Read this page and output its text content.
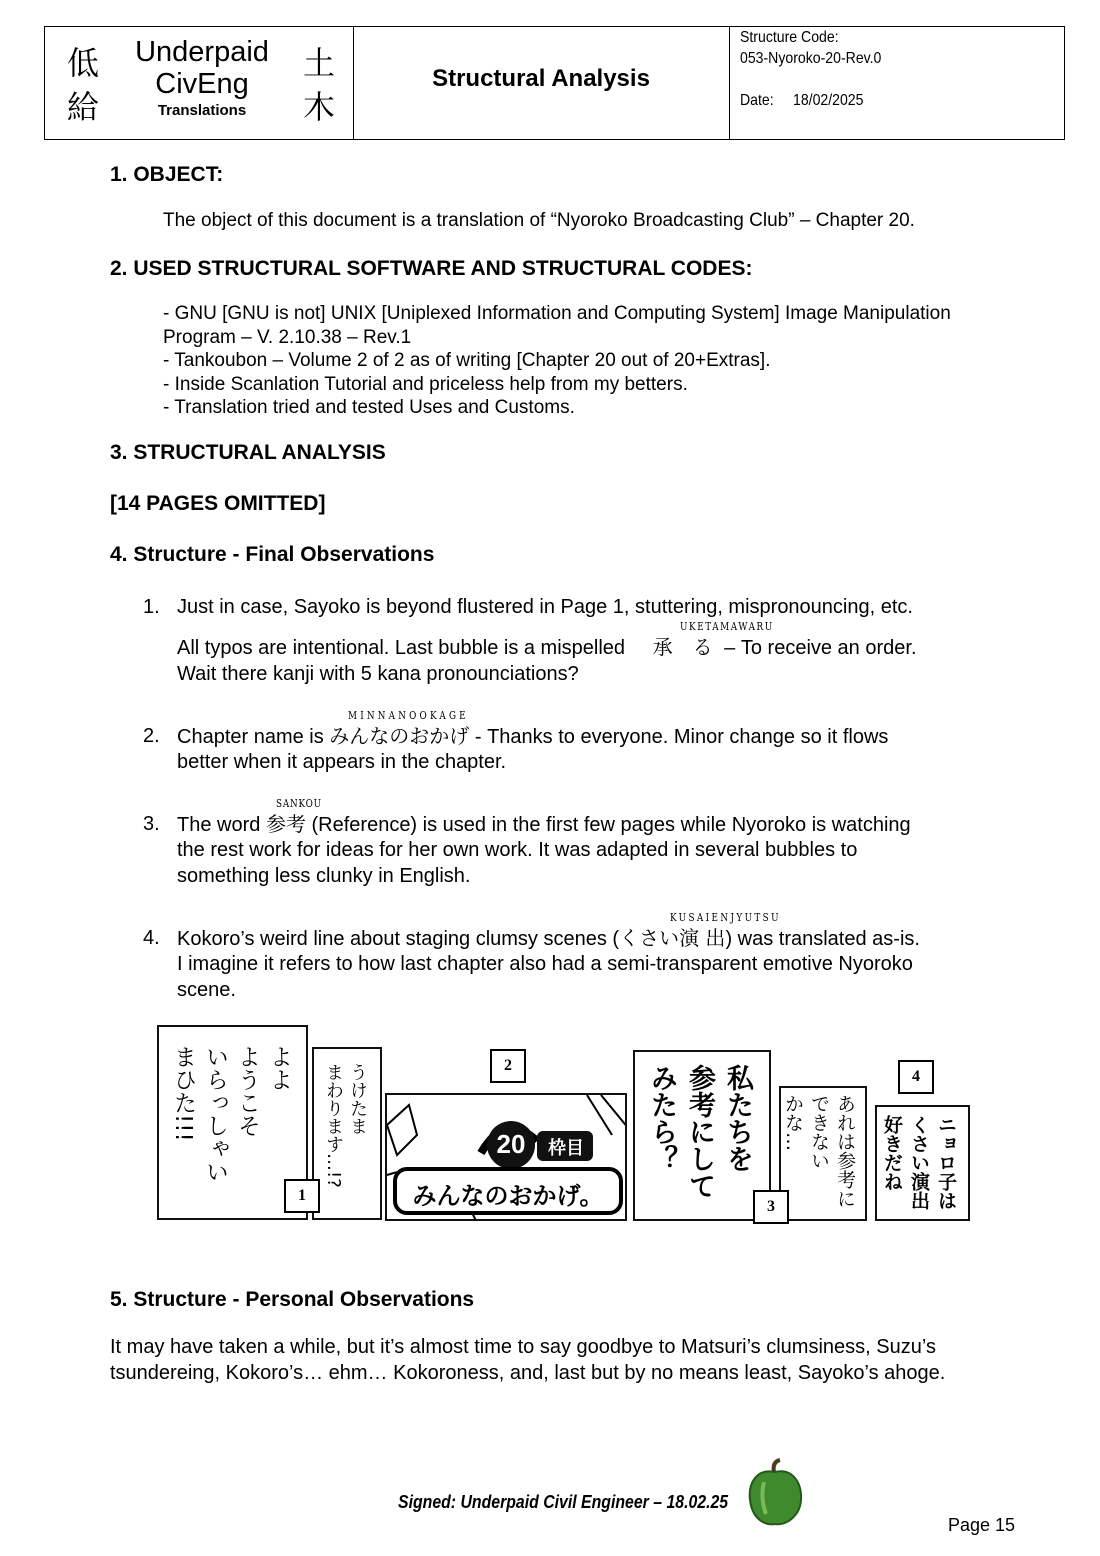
低
給
Underpaid
CivEng
Translations
土
木
Structural Analysis
Structure Code:
053-Nyoroko-20-Rev.0
Date: 18/02/2025
1. OBJECT:
The object of this document is a translation of “Nyoroko Broadcasting Club” – Chapter 20.
2. USED STRUCTURAL SOFTWARE AND STRUCTURAL CODES:
- GNU [GNU is not] UNIX [Uniplexed Information and Computing System] Image Manipulation
Program – V. 2.10.38 – Rev.1
- Tankoubon – Volume 2 of 2 as of writing [Chapter 20 out of 20+Extras].
- Inside Scanlation Tutorial and priceless help from my betters.
- Translation tried and tested Uses and Customs.
3. STRUCTURAL ANALYSIS
[14 PAGES OMITTED]
4. Structure - Final Observations
1. Just in case, Sayoko is beyond flustered in Page 1, stuttering, mispronouncing, etc.
UKETAMAWARU
All typos are intentional. Last bubble is a mispelled 承　る – To receive an order.
Wait there kanji with 5 kana pronounciations?
MINNANOOKAGE
2. Chapter name is みんなのおかげ - Thanks to everyone. Minor change so it flows
better when it appears in the chapter.
SANKOU
3. The word 参考 (Reference) is used in the first few pages while Nyoroko is watching
the rest work for ideas for her own work. It was adapted in several bubbles to
something less clunky in English.
KUSAIENJYUTSU
4. Kokoro’s weird line about staging clumsy scenes (くさい演 出) was translated as-is.
I imagine it refers to how last chapter also had a semi-transparent emotive Nyoroko
scene.
よよ
ようこそ
いらっしゃい
まひた!!!	うけたま
まわります…!?
1
20	枠目
みんなのおかげ。
2	私たちを
参考にして
みたら？	あれは参考に
できない
かな…
3	ニョロ子は
くさい演出
好きだね
4
5. Structure - Personal Observations
It may have taken a while, but it’s almost time to say goodbye to Matsuri’s clumsiness, Suzu’s
tsundereing, Kokoro’s… ehm… Kokoroness, and, last but by no means least, Sayoko’s ahoge.
Signed: Underpaid Civil Engineer – 18.02.25
Page 15
